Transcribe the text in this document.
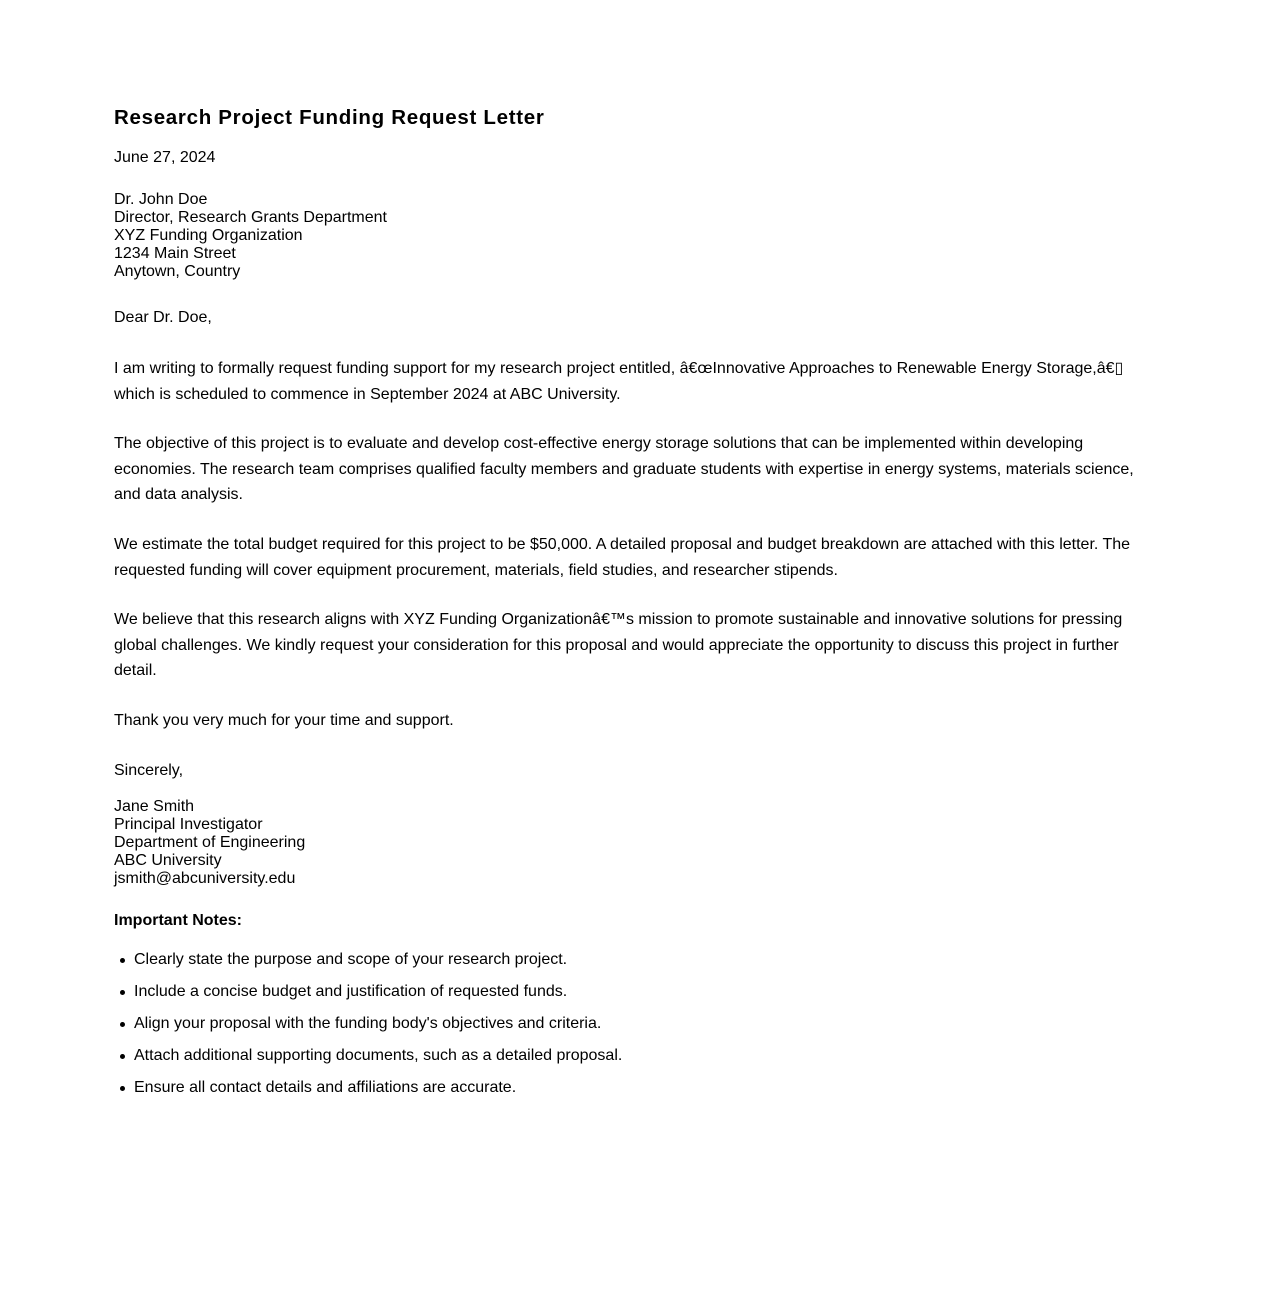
Research Project Funding Request Letter
June 27, 2024
Dr. John Doe
Director, Research Grants Department
XYZ Funding Organization
1234 Main Street
Anytown, Country
Dear Dr. Doe,

I am writing to formally request funding support for my research project entitled, â€œInnovative Approaches to Renewable Energy Storage,â€▯ which is scheduled to commence in September 2024 at ABC University.

The objective of this project is to evaluate and develop cost-effective energy storage solutions that can be implemented within developing economies. The research team comprises qualified faculty members and graduate students with expertise in energy systems, materials science, and data analysis.

We estimate the total budget required for this project to be $50,000. A detailed proposal and budget breakdown are attached with this letter. The requested funding will cover equipment procurement, materials, field studies, and researcher stipends.

We believe that this research aligns with XYZ Funding Organizationâ€™s mission to promote sustainable and innovative solutions for pressing global challenges. We kindly request your consideration for this proposal and would appreciate the opportunity to discuss this project in further detail.

Thank you very much for your time and support.

Sincerely,
Jane Smith
Principal Investigator
Department of Engineering
ABC University
jsmith@abcuniversity.edu
Important Notes:
Clearly state the purpose and scope of your research project.
Include a concise budget and justification of requested funds.
Align your proposal with the funding body's objectives and criteria.
Attach additional supporting documents, such as a detailed proposal.
Ensure all contact details and affiliations are accurate.
